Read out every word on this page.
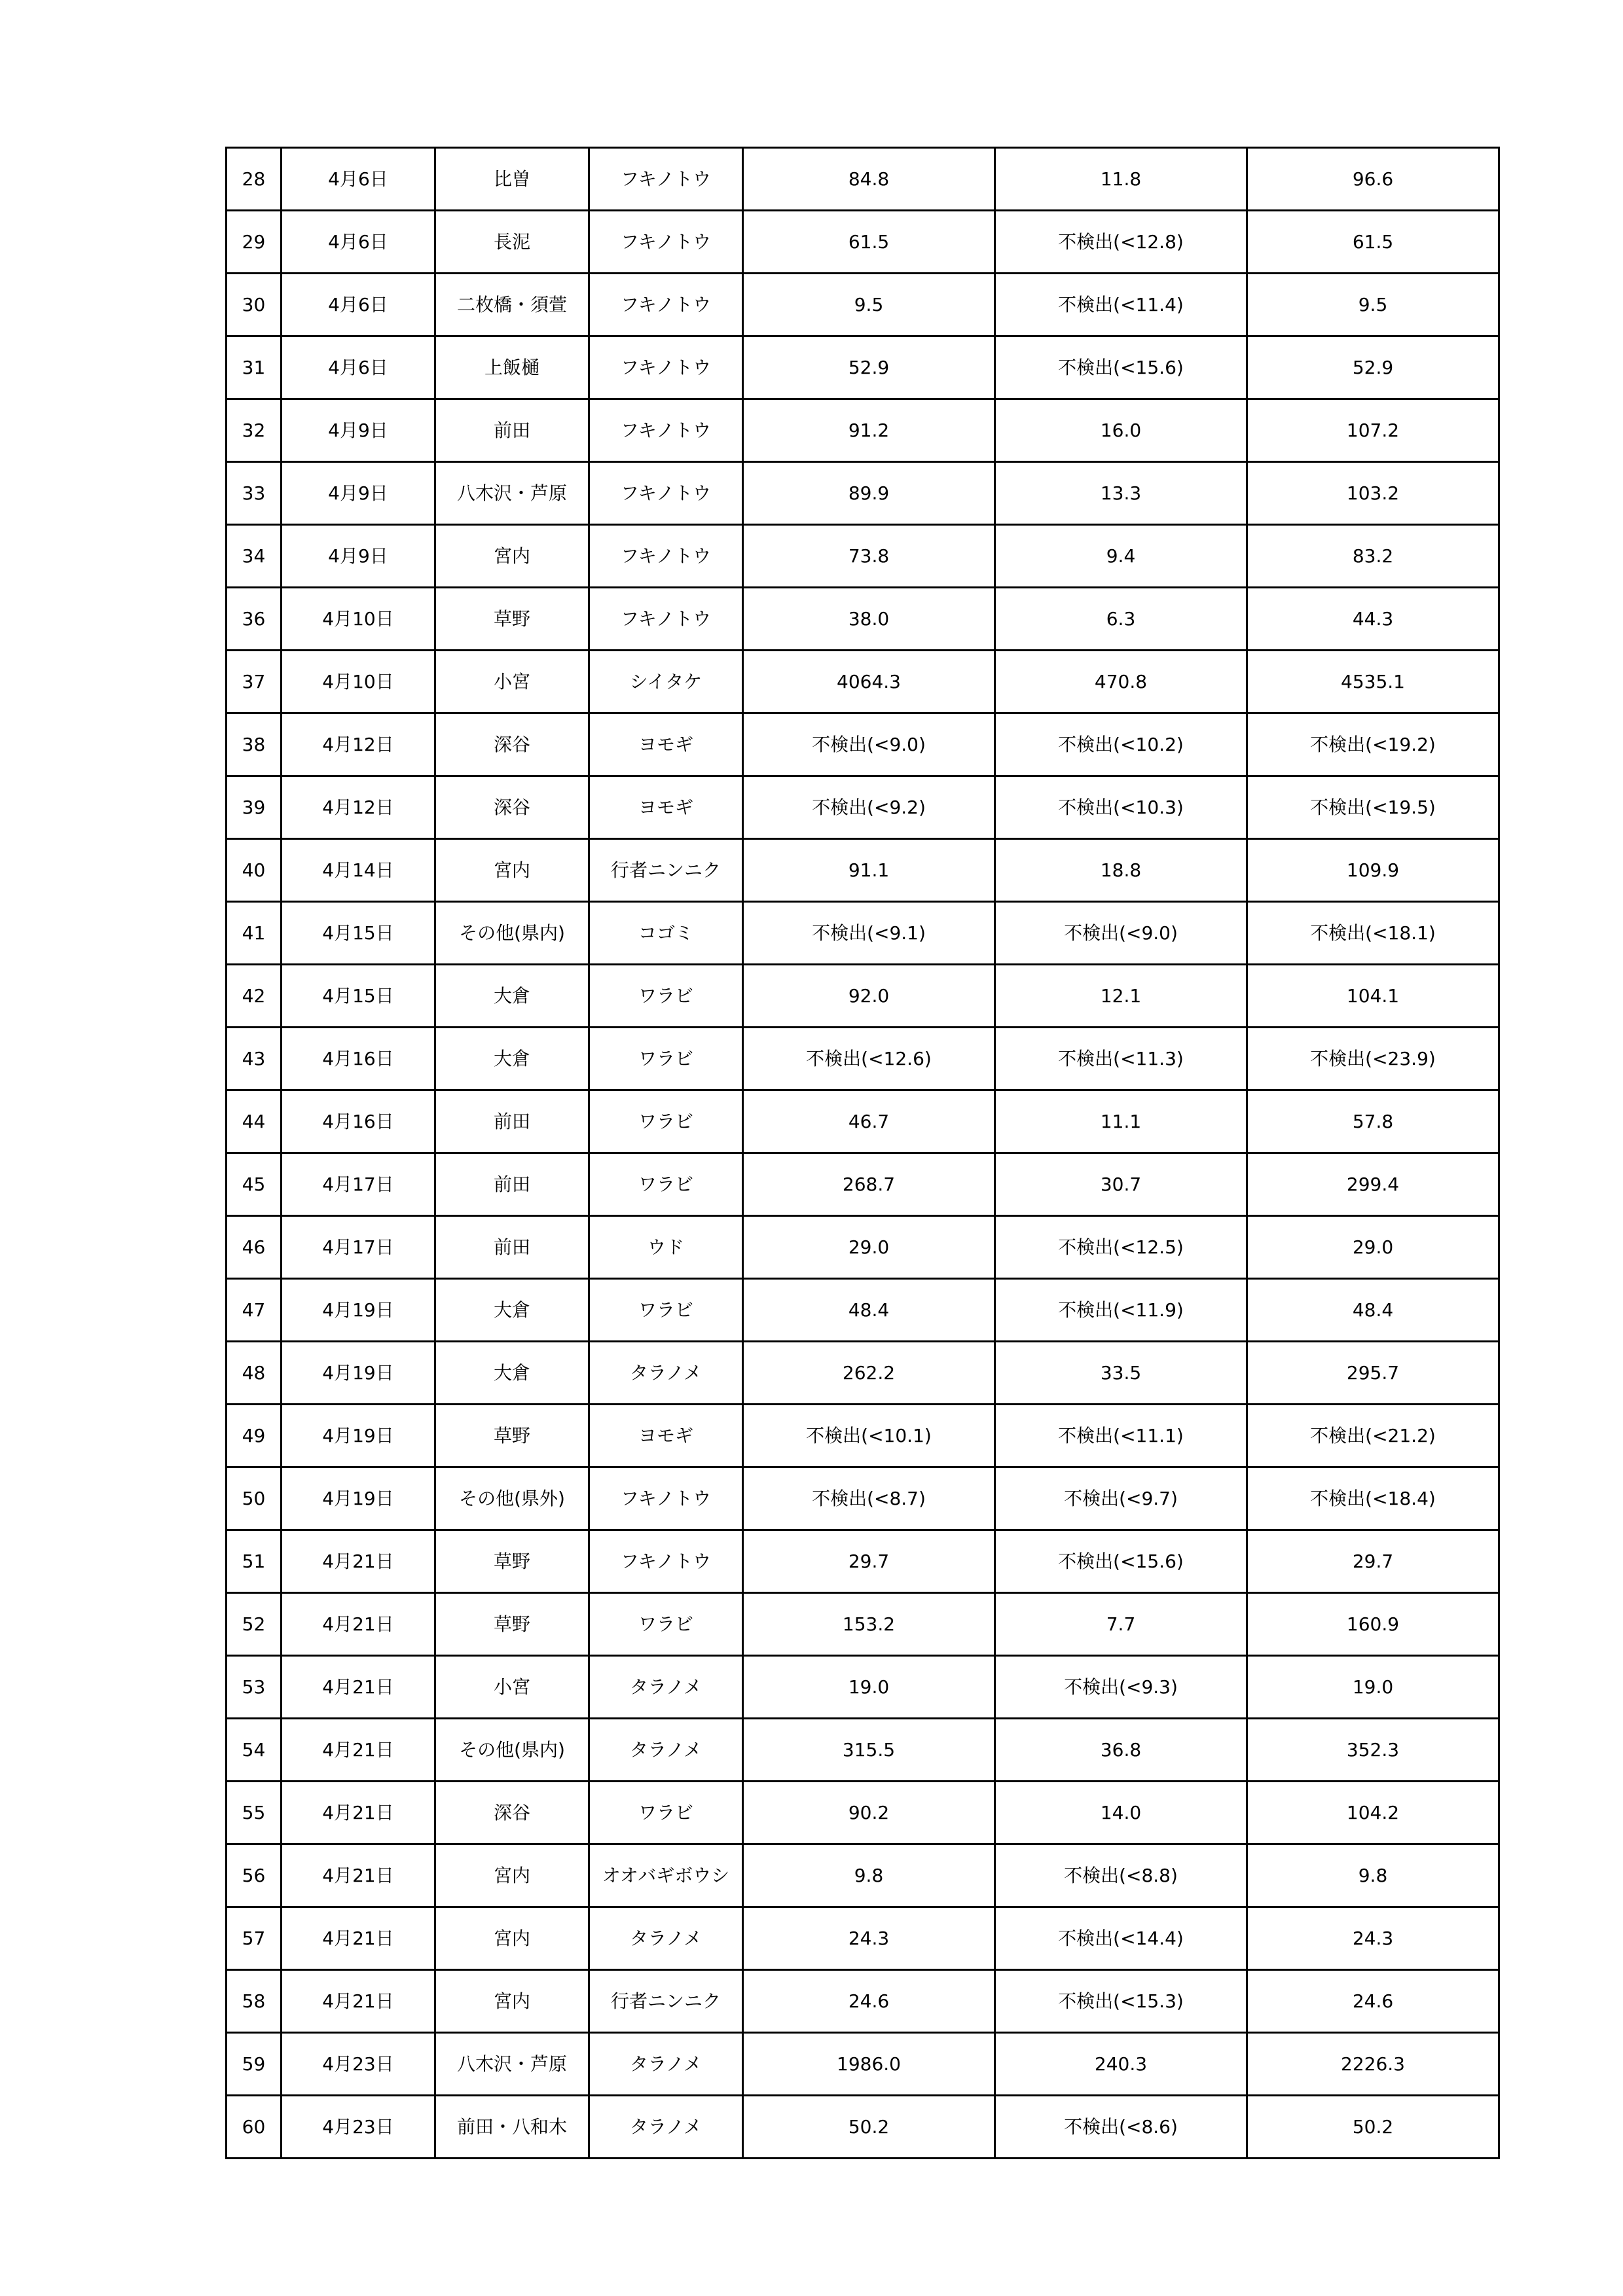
28	4月6日	比曽	フキノトウ	84.8	11.8	96.6
29	4月6日	長泥	フキノトウ	61.5	不検出(<12.8)	61.5
30	4月6日	二枚橋・須萱	フキノトウ	9.5	不検出(<11.4)	9.5
31	4月6日	上飯樋	フキノトウ	52.9	不検出(<15.6)	52.9
32	4月9日	前田	フキノトウ	91.2	16.0	107.2
33	4月9日	八木沢・芦原	フキノトウ	89.9	13.3	103.2
34	4月9日	宮内	フキノトウ	73.8	9.4	83.2
36	4月10日	草野	フキノトウ	38.0	6.3	44.3
37	4月10日	小宮	シイタケ	4064.3	470.8	4535.1
38	4月12日	深谷	ヨモギ	不検出(<9.0)	不検出(<10.2)	不検出(<19.2)
39	4月12日	深谷	ヨモギ	不検出(<9.2)	不検出(<10.3)	不検出(<19.5)
40	4月14日	宮内	行者ニンニク	91.1	18.8	109.9
41	4月15日	その他(県内)	コゴミ	不検出(<9.1)	不検出(<9.0)	不検出(<18.1)
42	4月15日	大倉	ワラビ	92.0	12.1	104.1
43	4月16日	大倉	ワラビ	不検出(<12.6)	不検出(<11.3)	不検出(<23.9)
44	4月16日	前田	ワラビ	46.7	11.1	57.8
45	4月17日	前田	ワラビ	268.7	30.7	299.4
46	4月17日	前田	ウド	29.0	不検出(<12.5)	29.0
47	4月19日	大倉	ワラビ	48.4	不検出(<11.9)	48.4
48	4月19日	大倉	タラノメ	262.2	33.5	295.7
49	4月19日	草野	ヨモギ	不検出(<10.1)	不検出(<11.1)	不検出(<21.2)
50	4月19日	その他(県外)	フキノトウ	不検出(<8.7)	不検出(<9.7)	不検出(<18.4)
51	4月21日	草野	フキノトウ	29.7	不検出(<15.6)	29.7
52	4月21日	草野	ワラビ	153.2	7.7	160.9
53	4月21日	小宮	タラノメ	19.0	不検出(<9.3)	19.0
54	4月21日	その他(県内)	タラノメ	315.5	36.8	352.3
55	4月21日	深谷	ワラビ	90.2	14.0	104.2
56	4月21日	宮内	オオバギボウシ	9.8	不検出(<8.8)	9.8
57	4月21日	宮内	タラノメ	24.3	不検出(<14.4)	24.3
58	4月21日	宮内	行者ニンニク	24.6	不検出(<15.3)	24.6
59	4月23日	八木沢・芦原	タラノメ	1986.0	240.3	2226.3
60	4月23日	前田・八和木	タラノメ	50.2	不検出(<8.6)	50.2
